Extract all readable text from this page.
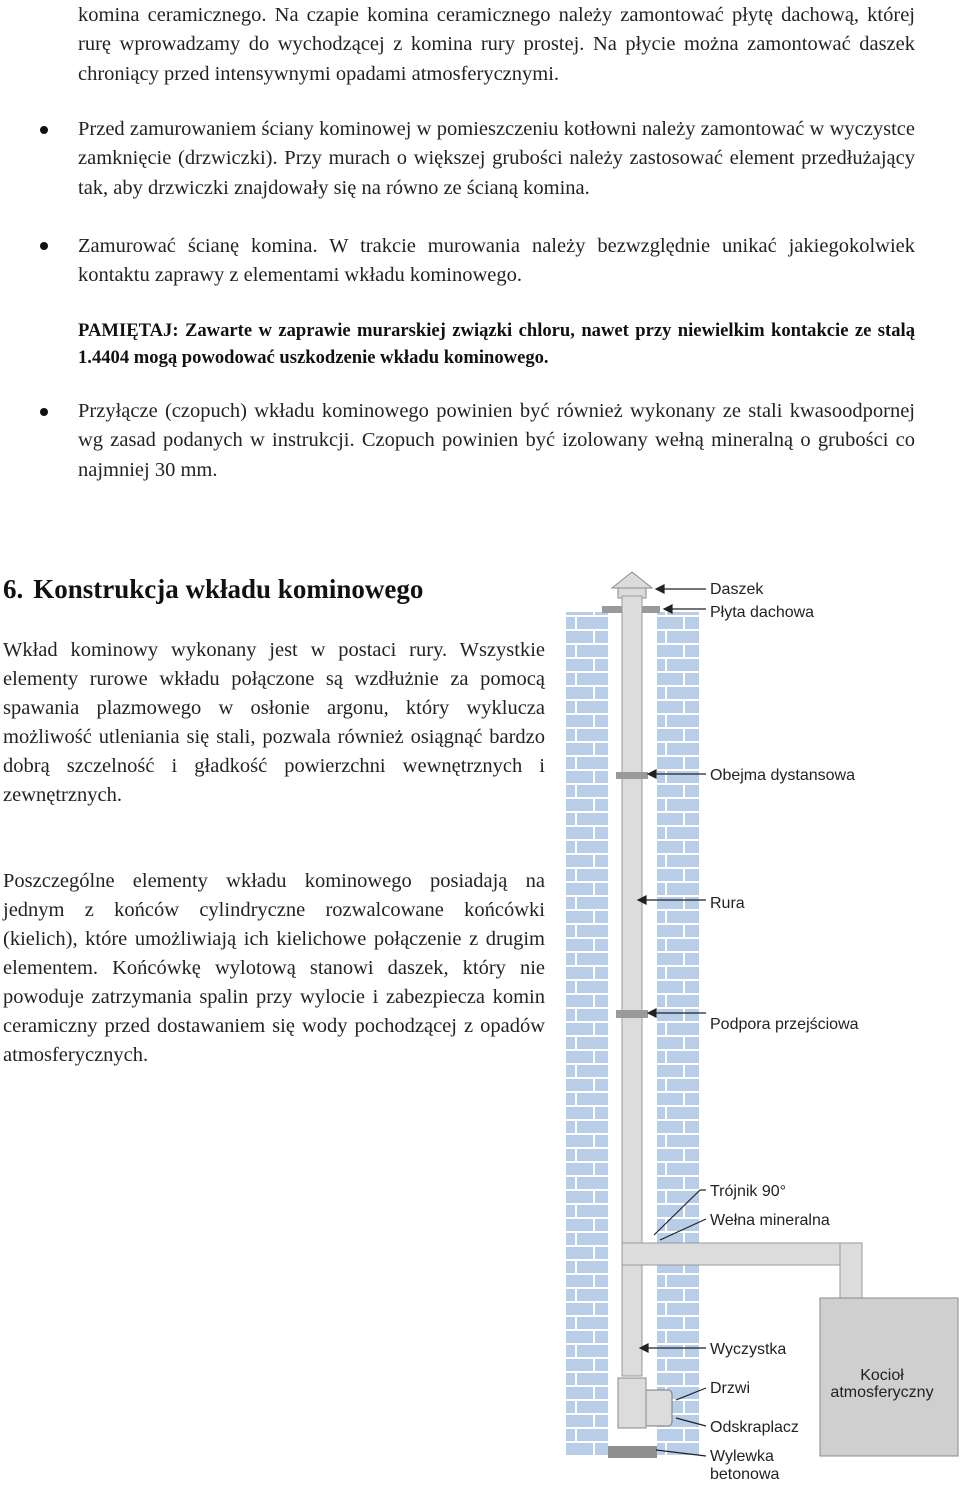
komina ceramicznego. Na czapie komina ceramicznego należy zamontować płytę dachową, której rurę wprowadzamy do wychodzącej z komina rury prostej. Na płycie można zamontować daszek chroniący przed intensywnymi opadami atmosferycznymi.

Przed zamurowaniem ściany kominowej w pomieszczeniu kotłowni należy zamontować w wyczystce zamknięcie (drzwiczki). Przy murach o większej grubości należy zastosować element przedłużający tak, aby drzwiczki znajdowały się na równo ze ścianą komina.

Zamurować ścianę komina. W trakcie murowania należy bezwzględnie unikać jakiegokolwiek kontaktu zaprawy z elementami wkładu kominowego.

PAMIĘTAJ: Zawarte w zaprawie murarskiej związki chloru, nawet przy niewielkim kontakcie ze stalą 1.4404 mogą powodować uszkodzenie wkładu kominowego.

Przyłącze (czopuch) wkładu kominowego powinien być również wykonany ze stali kwasoodpornej wg zasad podanych w instrukcji. Czopuch powinien być izolowany wełną mineralną o grubości co najmniej 30 mm.

6. Konstrukcja wkładu kominowego

Wkład kominowy wykonany jest w postaci rury. Wszystkie elementy rurowe wkładu połączone są wzdłużnie za pomocą spawania plazmowego w osłonie argonu, który wyklucza możliwość utleniania się stali, pozwala również osiągnąć bardzo dobrą szczelność i gładkość powierzchni wewnętrznych i zewnętrznych.

Poszczególne elementy wkładu kominowego posiadają na jednym z końców cylindryczne rozwalcowane końcówki (kielich), które umożliwiają ich kielichowe połączenie z drugim elementem. Końcówkę wylotową stanowi daszek, który nie powoduje zatrzymania spalin przy wylocie i zabezpiecza komin ceramiczny przed dostawaniem się wody pochodzącej z opadów atmosferycznych.

Daszek
Płyta dachowa
Obejma dystansowa
Rura
Podpora przejściowa
Trójnik 90°
Wełna mineralna
Wyczystka
Drzwi
Odskraplacz
Wylewka
betonowa
Kocioł
atmosferyczny
